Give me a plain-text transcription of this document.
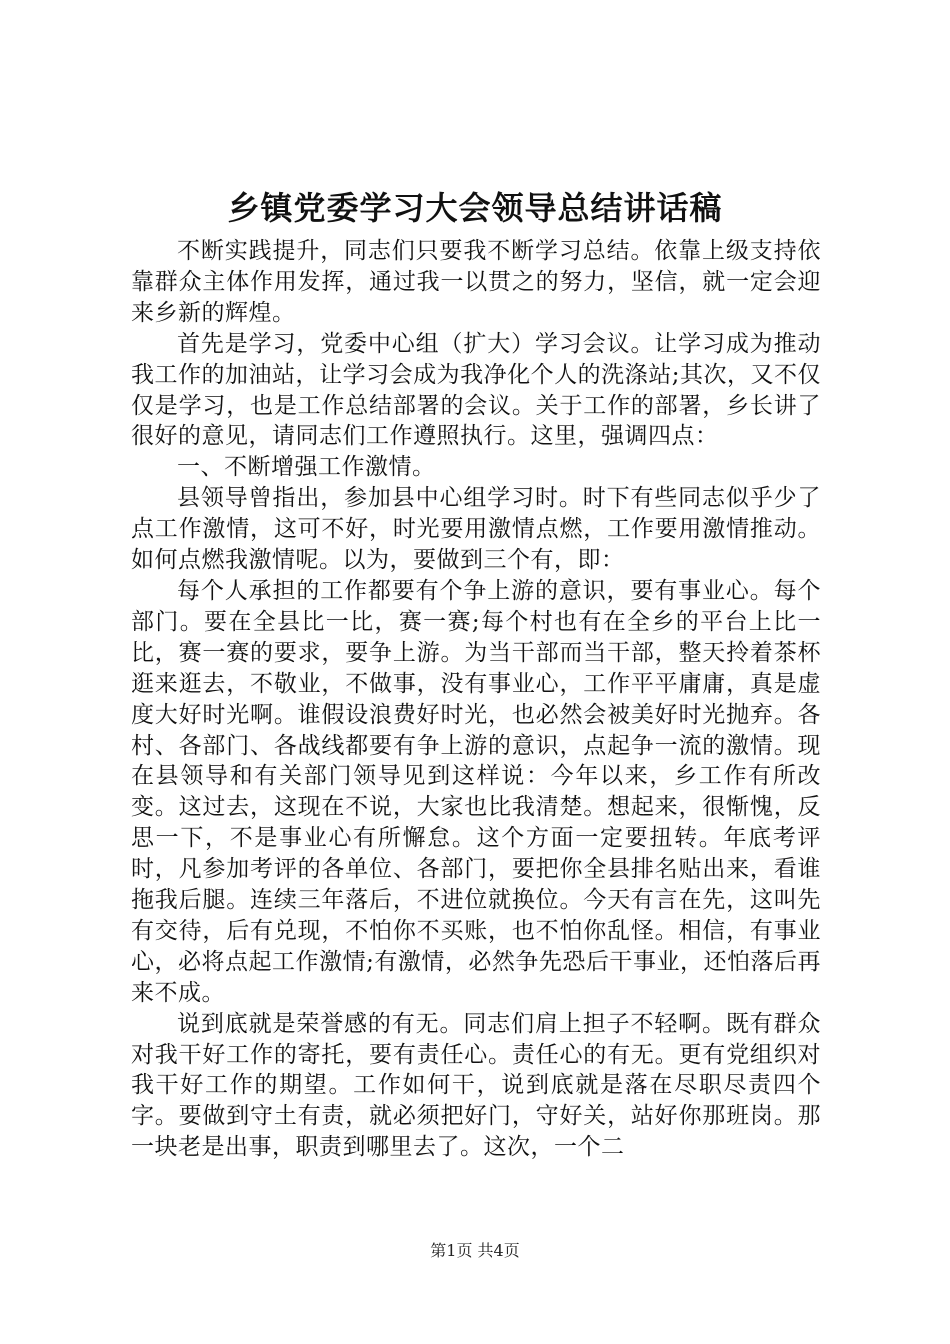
乡镇党委学习大会领导总结讲话稿

不断实践提升，同志们只要我不断学习总结。依靠上级支持依靠群众主体作用发挥，通过我一以贯之的努力，坚信，就一定会迎来乡新的辉煌。

首先是学习，党委中心组（扩大）学习会议。让学习成为推动我工作的加油站，让学习会成为我净化个人的洗涤站;其次，又不仅仅是学习，也是工作总结部署的会议。关于工作的部署，乡长讲了很好的意见，请同志们工作遵照执行。这里，强调四点：

一、不断增强工作激情。

县领导曾指出，参加县中心组学习时。时下有些同志似乎少了点工作激情，这可不好，时光要用激情点燃，工作要用激情推动。如何点燃我激情呢。以为，要做到三个有，即：

每个人承担的工作都要有个争上游的意识，要有事业心。每个部门。要在全县比一比，赛一赛;每个村也有在全乡的平台上比一比，赛一赛的要求，要争上游。为当干部而当干部，整天拎着茶杯逛来逛去，不敬业，不做事，没有事业心，工作平平庸庸，真是虚度大好时光啊。谁假设浪费好时光，也必然会被美好时光抛弃。各村、各部门、各战线都要有争上游的意识，点起争一流的激情。现在县领导和有关部门领导见到这样说：今年以来，乡工作有所改变。这过去，这现在不说，大家也比我清楚。想起来，很惭愧，反思一下，不是事业心有所懈怠。这个方面一定要扭转。年底考评时，凡参加考评的各单位、各部门，要把你全县排名贴出来，看谁拖我后腿。连续三年落后，不进位就换位。今天有言在先，这叫先有交待，后有兑现，不怕你不买账，也不怕你乱怪。相信，有事业心，必将点起工作激情;有激情，必然争先恐后干事业，还怕落后再来不成。

说到底就是荣誉感的有无。同志们肩上担子不轻啊。既有群众对我干好工作的寄托，要有责任心。责任心的有无。更有党组织对我干好工作的期望。工作如何干，说到底就是落在尽职尽责四个字。要做到守土有责，就必须把好门，守好关，站好你那班岗。那一块老是出事，职责到哪里去了。这次，一个二

第1页 共4页
